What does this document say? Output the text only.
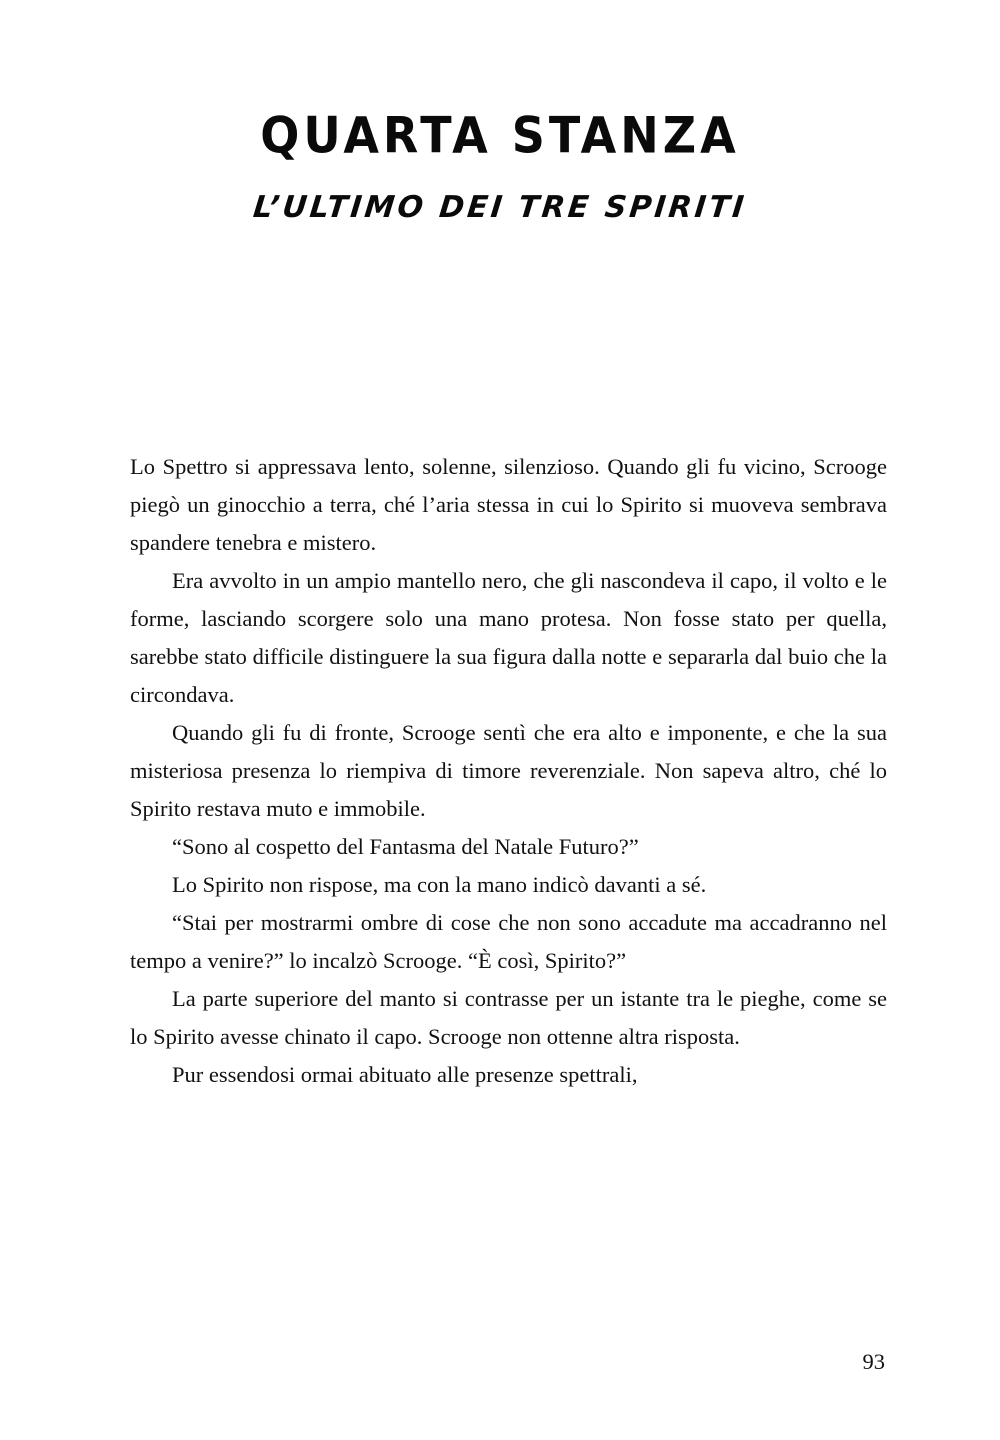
QUARTA STANZA
L’ULTIMO DEI TRE SPIRITI

Lo Spettro si appressava lento, solenne, silenzioso. Quando gli fu vicino, Scrooge piegò un ginocchio a terra, ché l’aria stessa in cui lo Spirito si muoveva sembrava spandere tenebra e mistero.

Era avvolto in un ampio mantello nero, che gli nascondeva il capo, il volto e le forme, lasciando scorgere solo una mano protesa. Non fosse stato per quella, sarebbe stato difficile distinguere la sua figura dalla notte e separarla dal buio che la circondava.

Quando gli fu di fronte, Scrooge sentì che era alto e imponente, e che la sua misteriosa presenza lo riempiva di timore reverenziale. Non sapeva altro, ché lo Spirito restava muto e immobile.

“Sono al cospetto del Fantasma del Natale Futuro?”

Lo Spirito non rispose, ma con la mano indicò davanti a sé.

“Stai per mostrarmi ombre di cose che non sono accadute ma accadranno nel tempo a venire?” lo incalzò Scrooge. “È così, Spirito?”

La parte superiore del manto si contrasse per un istante tra le pieghe, come se lo Spirito avesse chinato il capo. Scrooge non ottenne altra risposta.

Pur essendosi ormai abituato alle presenze spettrali,

93
